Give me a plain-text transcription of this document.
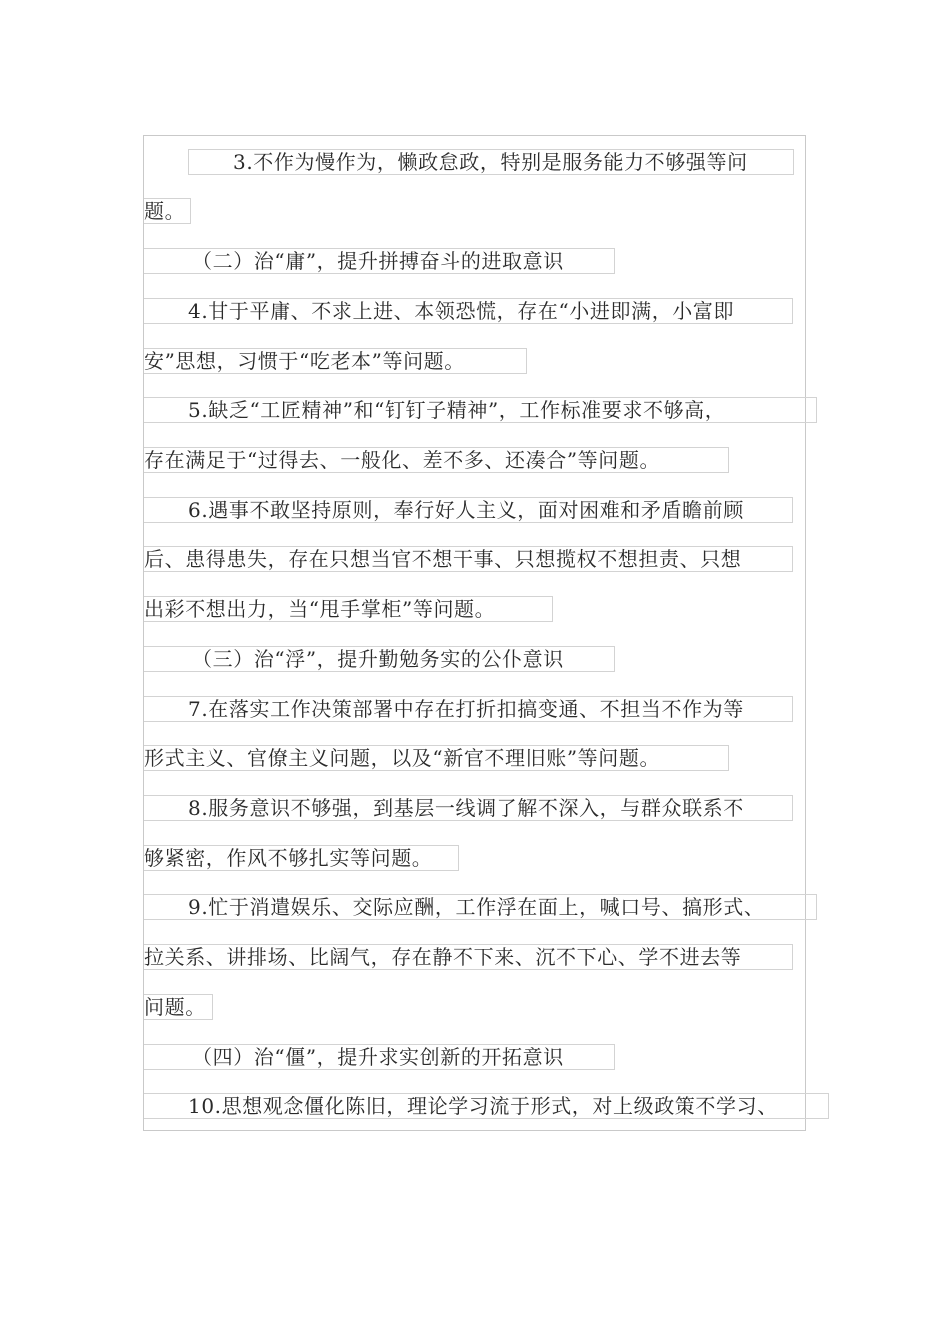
3.不作为慢作为，懒政怠政，特别是服务能力不够强等问
题。
（二）治“庸”，提升拼搏奋斗的进取意识
4.甘于平庸、不求上进、本领恐慌，存在“小进即满，小富即
安”思想，习惯于“吃老本”等问题。
5.缺乏“工匠精神”和“钉钉子精神”，工作标准要求不够高，
存在满足于“过得去、一般化、差不多、还凑合”等问题。
6.遇事不敢坚持原则，奉行好人主义，面对困难和矛盾瞻前顾
后、患得患失，存在只想当官不想干事、只想揽权不想担责、只想
出彩不想出力，当“甩手掌柜”等问题。
（三）治“浮”，提升勤勉务实的公仆意识
7.在落实工作决策部署中存在打折扣搞变通、不担当不作为等
形式主义、官僚主义问题，以及“新官不理旧账”等问题。
8.服务意识不够强，到基层一线调了解不深入，与群众联系不
够紧密，作风不够扎实等问题。
9.忙于消遣娱乐、交际应酬，工作浮在面上，喊口号、搞形式、
拉关系、讲排场、比阔气，存在静不下来、沉不下心、学不进去等
问题。
（四）治“僵”，提升求实创新的开拓意识
10.思想观念僵化陈旧，理论学习流于形式，对上级政策不学习、
